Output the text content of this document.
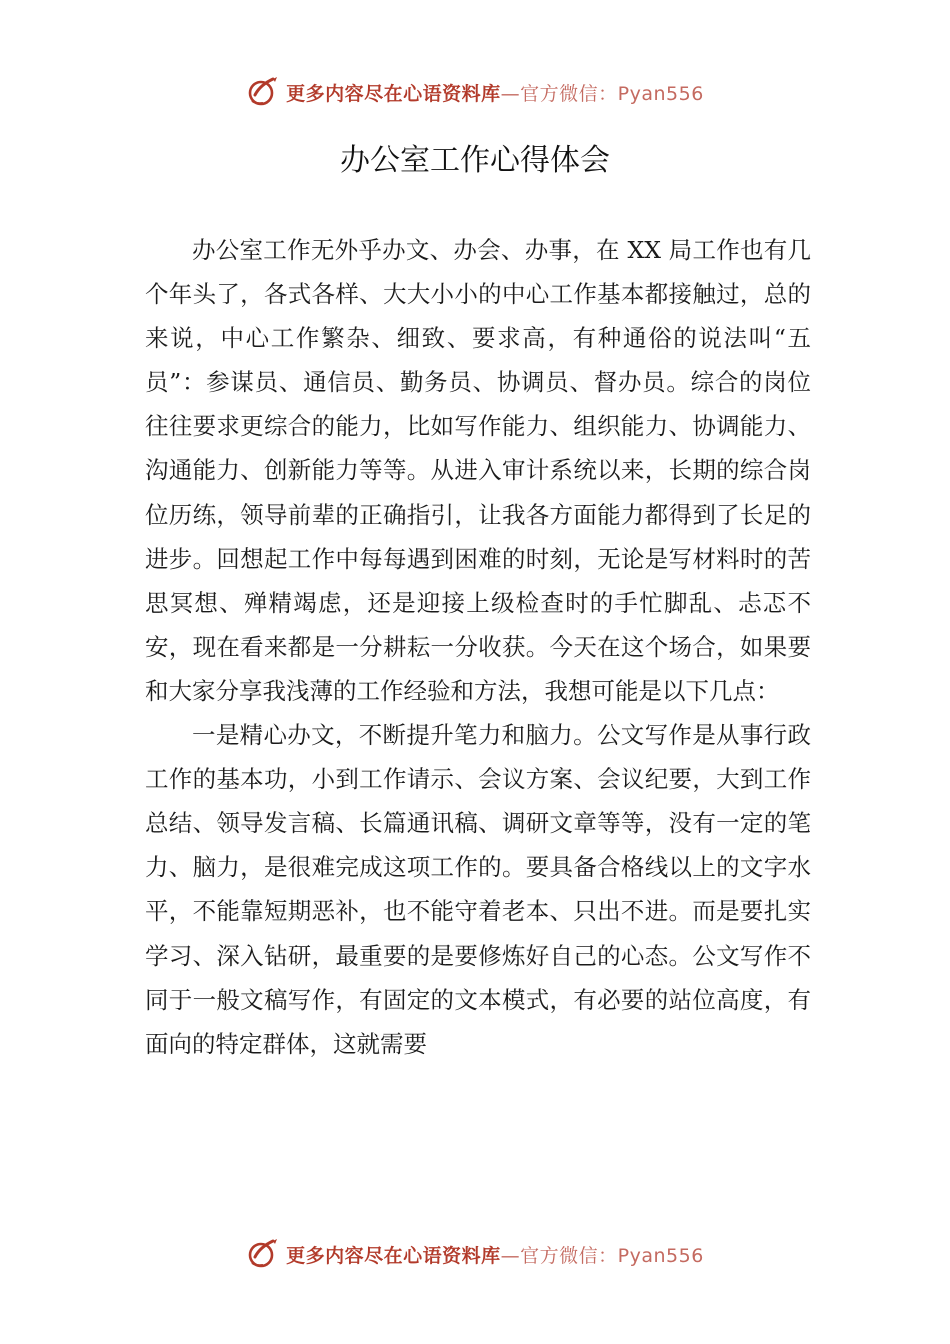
更多内容尽在心语资料库 —官方微信：Pyan556
办公室工作心得体会

办公室工作无外乎办文、办会、办事，在 XX 局工作也有几个年头了，各式各样、大大小小的中心工作基本都接触过，总的来说，中心工作繁杂、细致、要求高，有种通俗的说法叫“五员”：参谋员、通信员、勤务员、协调员、督办员。综合的岗位往往要求更综合的能力，比如写作能力、组织能力、协调能力、沟通能力、创新能力等等。从进入审计系统以来，长期的综合岗位历练，领导前辈的正确指引，让我各方面能力都得到了长足的进步。回想起工作中每每遇到困难的时刻，无论是写材料时的苦思冥想、殚精竭虑，还是迎接上级检查时的手忙脚乱、忐忑不安，现在看来都是一分耕耘一分收获。今天在这个场合，如果要和大家分享我浅薄的工作经验和方法，我想可能是以下几点：

一是精心办文，不断提升笔力和脑力。公文写作是从事行政工作的基本功，小到工作请示、会议方案、会议纪要，大到工作总结、领导发言稿、长篇通讯稿、调研文章等等，没有一定的笔力、脑力，是很难完成这项工作的。要具备合格线以上的文字水平，不能靠短期恶补，也不能守着老本、只出不进。而是要扎实学习、深入钻研，最重要的是要修炼好自己的心态。公文写作不同于一般文稿写作，有固定的文本模式，有必要的站位高度，有面向的特定群体，这就需要

更多内容尽在心语资料库 —官方微信：Pyan556
